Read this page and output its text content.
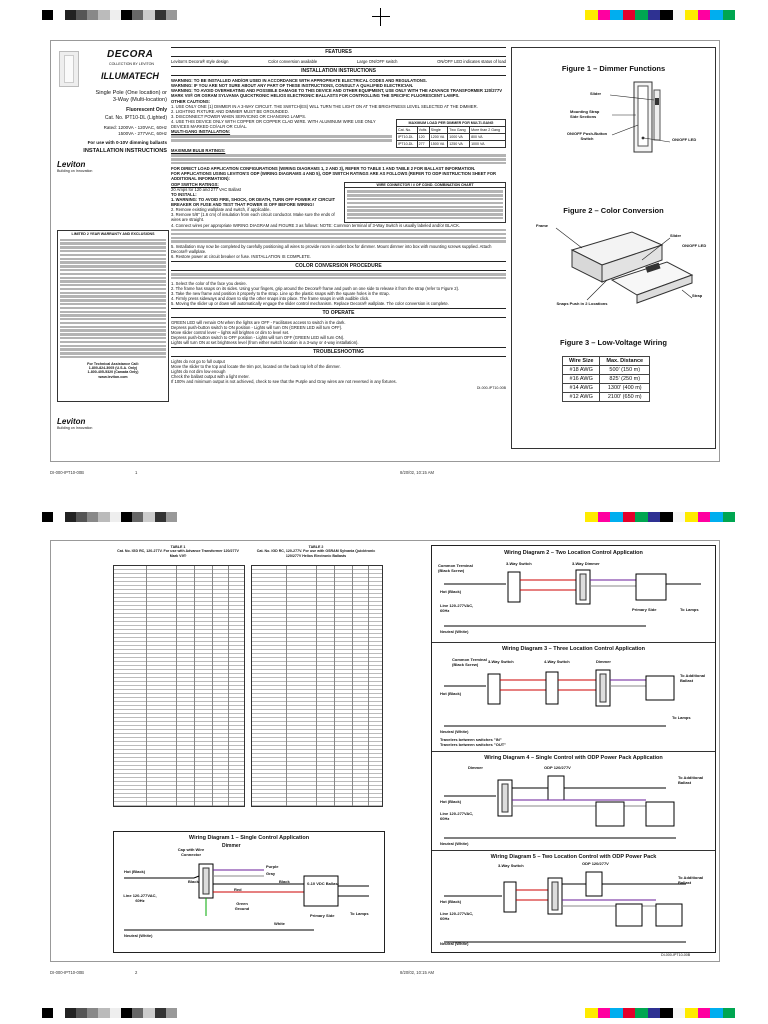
DECORA
COLLECTION BY LEVITON
ILLUMATECH
Single Pole (One location) or 3-Way (Multi-location)
Fluorescent Only
Cat. No. IPT10-DL (Lighted)
Rated: 1200VA - 120VAC, 60Hz
1500VA - 277VAC, 60Hz
For use with 0-10V dimming ballasts
INSTALLATION INSTRUCTIONS
Leviton
Building on Innovation
LIMITED 2 YEAR WARRANTY AND EXCLUSIONS
For Technical Assistance Call:
1-800-824-3005 (U.S.A. Only)
1-800-405-5320 (Canada Only)
www.leviton.com
Leviton
Building on Innovation
FEATURES
Leviton's Decora® style design	Color conversion available	Large ON/OFF switch	ON/OFF LED indicates status of load
INSTALLATION INSTRUCTIONS
WARNING: TO BE INSTALLED AND/OR USED IN ACCORDANCE WITH APPROPRIATE ELECTRICAL CODES AND REGULATIONS.
WARNING: IF YOU ARE NOT SURE ABOUT ANY PART OF THESE INSTRUCTIONS, CONSULT A QUALIFIED ELECTRICIAN.
WARNING: TO AVOID OVERHEATING AND POSSIBLE DAMAGE TO THIS DEVICE AND OTHER EQUIPMENT, USE ONLY WITH THE ADVANCE TRANSFORMER 120/277V MARK VII® OR OSRAM SYLVANIA QUICKTRONIC HELIOS ELECTRONIC BALLASTS FOR CONTROLLING THE SPECIFIC FLUORESCENT LAMPS.
OTHER CAUTIONS:
1. USE ONLY ONE (1) DIMMER IN A 3-WAY CIRCUIT. THE SWITCH(ES) WILL TURN THE LIGHT ON AT THE BRIGHTNESS LEVEL SELECTED AT THE DIMMER.
2. LIGHTING FIXTURE AND DIMMER MUST BE GROUNDED.
3. DISCONNECT POWER WHEN SERVICING OR CHANGING LAMPS.
4. USE THIS DEVICE ONLY WITH COPPER OR COPPER CLAD WIRE. WITH ALUMINUM WIRE USE ONLY DEVICES MARKED CO/ALR OR CU/AL.
MULTI-GANG INSTALLATION:
MAXIMUM LOAD PER DIMMER FOR MULTI-GANG				
Cat. No.	Volts	Single	Two Gang	More than 2 Gang
IPT10-DL	120	1200 VA	1000 VA	800 VA
IPT10-DL	277	1500 VA	1250 VA	1000 VA
MAXIMUM BULB RATINGS:
FOR DIRECT LOAD APPLICATION CONFIGURATIONS (WIRING DIAGRAMS 1, 2 AND 3), REFER TO TABLE 1 AND TABLE 2 FOR BALLAST INFORMATION.
FOR APPLICATIONS USING LEVITON'S ODP (WIRING DIAGRAMS 4 AND 5), ODP SWITCH RATINGS ARE AS FOLLOWS (REFER TO ODP INSTRUCTION SHEET FOR ADDITIONAL INFORMATION):
ODP SWITCH RATINGS:
20 Amps for 120 and 277 VAC Ballast
TO INSTALL:
1. WARNING: TO AVOID FIRE, SHOCK, OR DEATH, TURN OFF POWER AT CIRCUIT BREAKER OR FUSE AND TEST THAT POWER IS OFF BEFORE WIRING!
2. Remove existing wallplate and switch, if applicable.
3. Remove 5/8" (1.6 cm) of insulation from each circuit conductor. Make sure the ends of wires are straight.
WIRE CONNECTOR / # OF COND. COMBINATION CHART
4. Connect wires per appropriate WIRING DIAGRAM and FIGURE 3 as follows: NOTE: Common terminal of 3-Way Switch is usually labeled and/or BLACK.
5. Installation may now be completed by carefully positioning all wires to provide room in outlet box for dimmer. Mount dimmer into box with mounting screws supplied. Attach Decora® wallplate.
6. Restore power at circuit breaker or fuse. INSTALLATION IS COMPLETE.
COLOR CONVERSION PROCEDURE
1. Select the color of the face you desire.
2. The frame has snaps on its sides. Using your fingers, grip around the Decora® frame and push on one side to release it from the strap (refer to Figure 2).
3. Take the new frame and position it properly to the strap. Line up the plastic snaps with the square holes in the strap.
4. Firmly press sideways and down to slip the other snaps into place. The frame snaps in with audible click.
5. Moving the slider up or down will automatically engage the slider control mechanism. Replace Decora® wallplate. The color conversion is complete.
TO OPERATE
GREEN LED will remain ON when the lights are OFF - Facilitates access to switch in the dark.
Depress push-button switch to ON position - Lights will turn ON (GREEN LED will turn OFF).
Move slider control lever – lights will brighten or dim to level set.
Depress push-button switch to OFF position - Lights will turn OFF (GREEN LED will turn ON).
Lights will turn ON at set brightness level (from either switch location in a 3-way or 4-way installation).
TROUBLESHOOTING
Lights do not go to full output
Move the slider to the top and locate the trim pot, located on the back top left of the dimmer.
Lights do not dim low enough
Check the ballast output with a light meter.
If 100% and minimum output is not achieved, check to see that the Purple and Gray wires are not reversed in any fixtures.
DI-000-IPT10-00B
Figure 1 – Dimmer Functions
Slider
Mounting Strap
Side Sections
ON/OFF Push-Button Switch	ON/OFF LED
Figure 2 – Color Conversion
Frame
Slider
ON/OFF LED
Strap
Snaps Push in 2 Locations
Figure 3 – Low-Voltage Wiring
Wire Size	Max. Distance
#18 AWG	500' (150 m)
#16 AWG	825' (250 m)
#14 AWG	1300' (400 m)
#12 AWG	2100' (650 m)
DI-000-IPT10-00B	1	8/20/02, 10:15 AM
TABLE 1
Cat. No. IGD RC, 120-277V. For use with Advance Transformer 120/277V Mark VII®
TABLE 2
Cat. No. IGD RC, 120-277V. For use with OSRAM Sylvania Quicktronic 120/277V Helios Electronic Ballasts
Wiring Diagram 1 – Single Control Application
Cap with Wire Connector
Dimmer
Hot (Black)
Line 120-277VAC, 60Hz
Neutral (White)
Purple
Gray
Black	Black
Red
Green Ground
0-10 VDC Ballast
White
Primary Side	To Lamps
Wiring Diagram 2 – Two Location Control Application
Common Terminal (Black Screw)
3-Way Switch	3-Way Dimmer
Hot (Black)
Line 120-277VAC, 60Hz
Neutral (White)
Primary Side	To Lamps
Wiring Diagram 3 – Three Location Control Application
Common Terminal (Black Screw)	3-Way Switch	4-Way Switch	Dimmer
Hot (Black)
Neutral (White)
To Lamps
To Additional Ballast
Travelers between switches "IN"
Travelers between switches "OUT"
Wiring Diagram 4 – Single Control with ODP Power Pack Application
Dimmer	ODP 120/277V
Hot (Black)
Line 120-277VAC, 60Hz
Neutral (White)
To Additional Ballast
Wiring Diagram 5 – Two Location Control with ODP Power Pack
3-Way Switch	ODP 120/277V
Hot (Black)
Line 120-277VAC, 60Hz
Neutral (White)
To Additional Ballast
DI-000-IPT10-00B
DI-000-IPT10-00B	2	8/20/02, 10:15 AM
